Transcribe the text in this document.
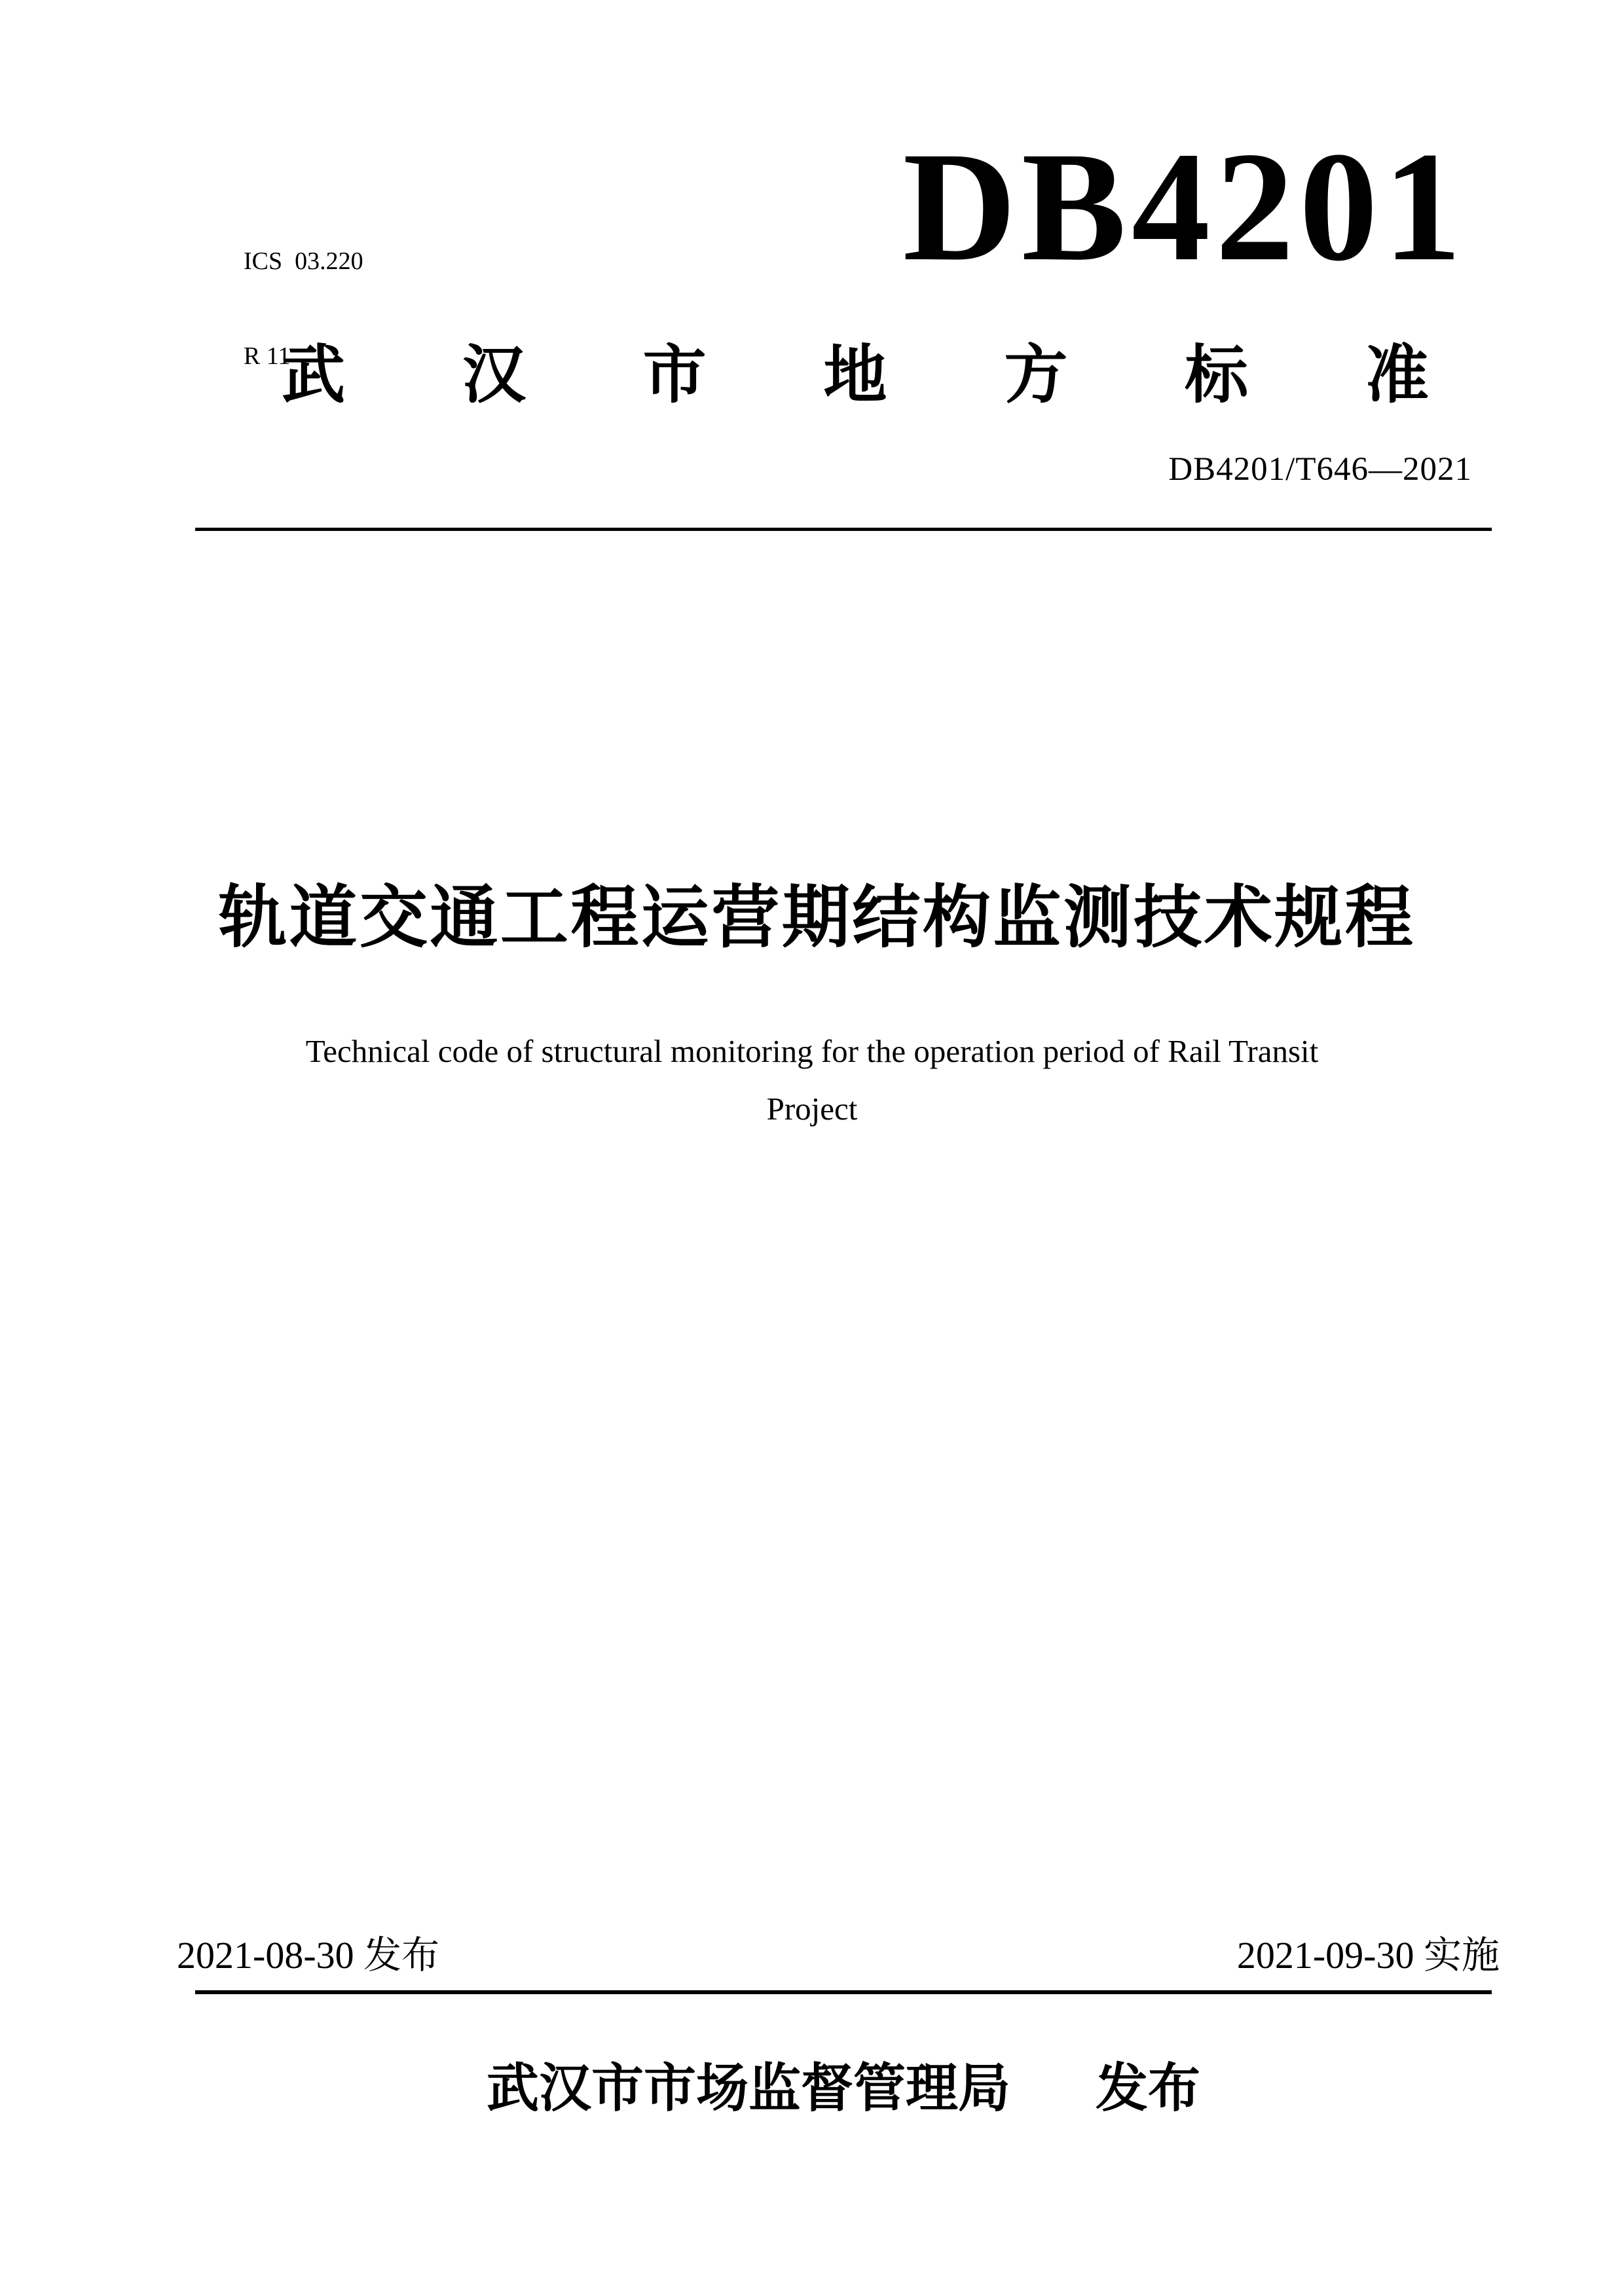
ICS  03.220

R 11

DB4201
武 汉 市 地 方 标 准
DB4201/T646—2021
轨 道 交 通 工 程 运 营 期 结 构 监 测 技 术 规 程
Technical code of structural monitoring for the operation period of Rail Transit
Project
2021-08-30 发布	2021-09-30 实施
武汉市市场监督管理局 发布
